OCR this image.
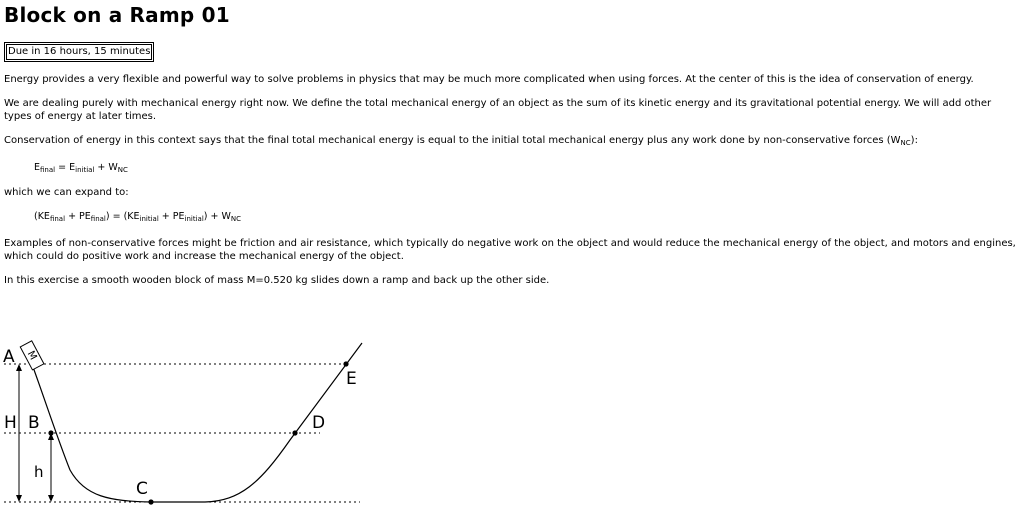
Block on a Ramp 01
Due in 16 hours, 15 minutes

Energy provides a very flexible and powerful way to solve problems in physics that may be much more complicated when using forces. At the center of this is the idea of conservation of energy.

We are dealing purely with mechanical energy right now. We define the total mechanical energy of an object as the sum of its kinetic energy and its gravitational potential energy. We will add other types of energy at later times.

Conservation of energy in this context says that the final total mechanical energy is equal to the initial total mechanical energy plus any work done by non-conservative forces $(W_{NC})$:

$E_{final} = E_{initial} + W_{NC}$

which we can expand to:

$(KE_{final} + PE_{final}) = (KE_{initial} + PE_{initial}) + W_{NC}$

Examples of non-conservative forces might be friction and air resistance, which typically do negative work on the object and would reduce the mechanical energy of the object, and motors and engines, which could do positive work and increase the mechanical energy of the object.

In this exercise a smooth wooden block of mass M=0.520 kg slides down a ramp and back up the other side.

M
A
H B
h
C
D
E
